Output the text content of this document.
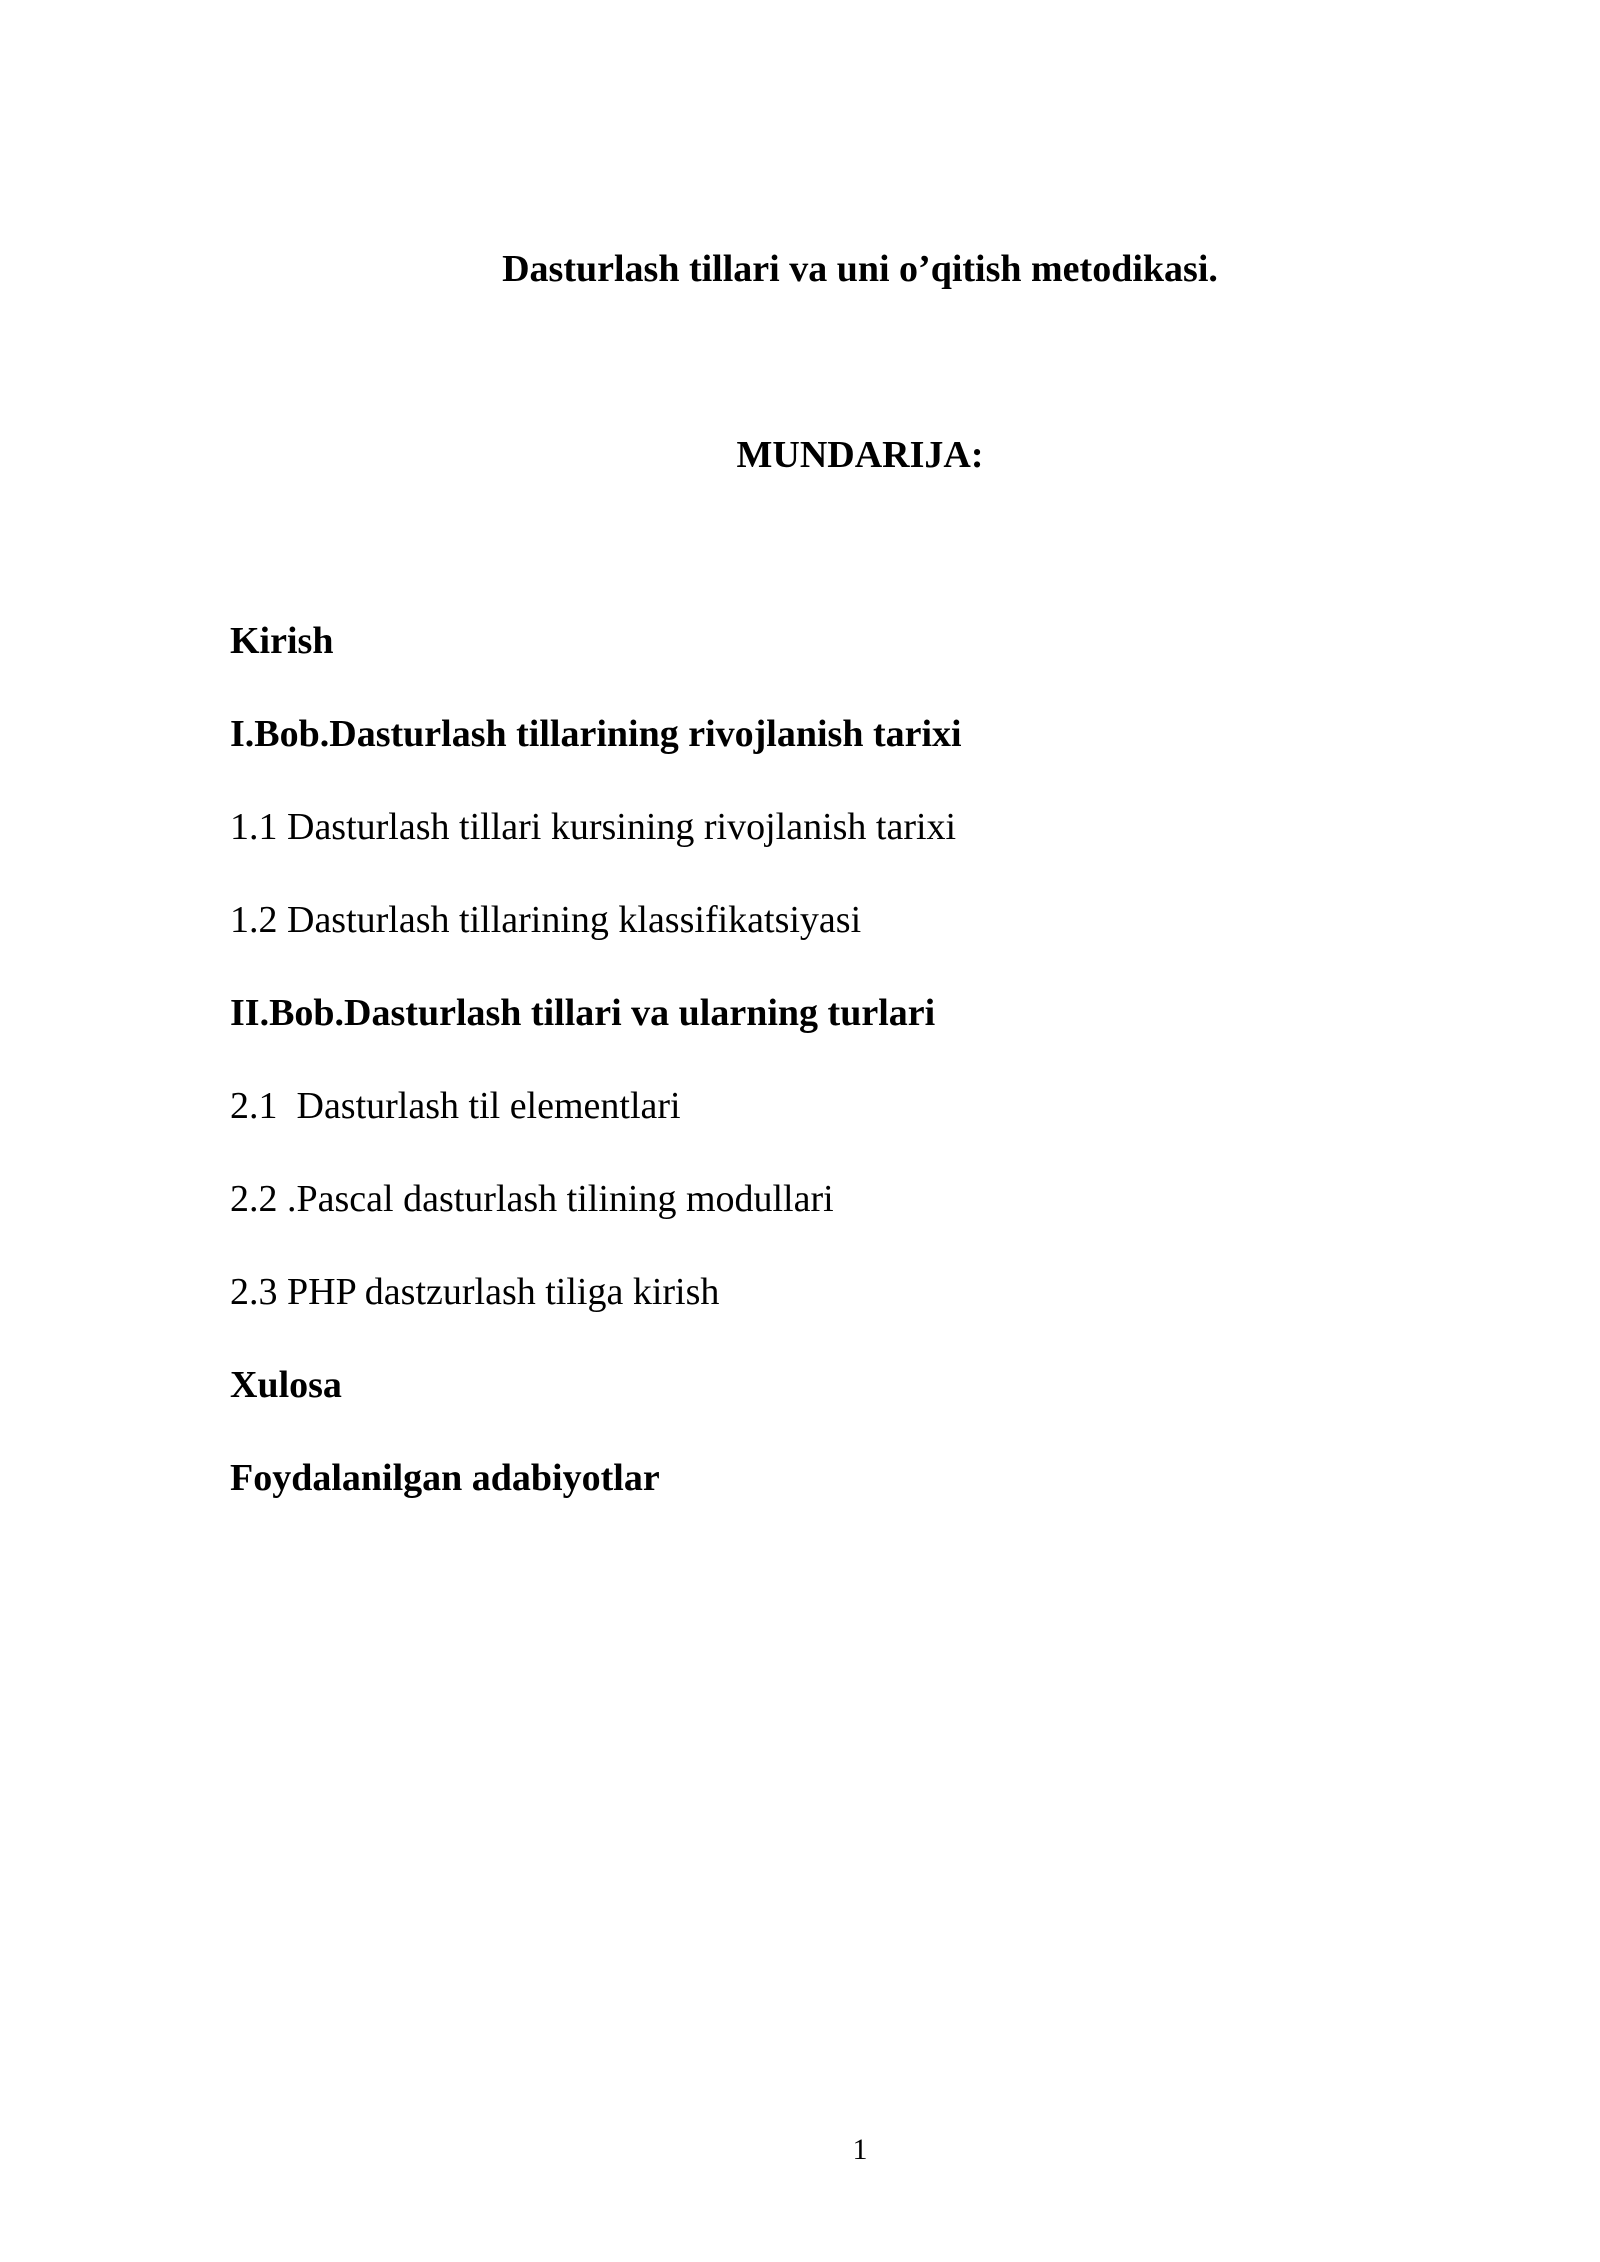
Dasturlash tillari va uni o’qitish metodikasi.
MUNDARIJA:
Kirish
I.Bob.Dasturlash tillarining rivojlanish tarixi
1.1 Dasturlash tillari kursining rivojlanish tarixi
1.2 Dasturlash tillarining klassifikatsiyasi
II.Bob.Dasturlash tillari va ularning turlari
2.1  Dasturlash til elementlari
2.2 .Pascal dasturlash tilining modullari
2.3 PHP dastzurlash tiliga kirish
Xulosa
Foydalanilgan adabiyotlar
1
